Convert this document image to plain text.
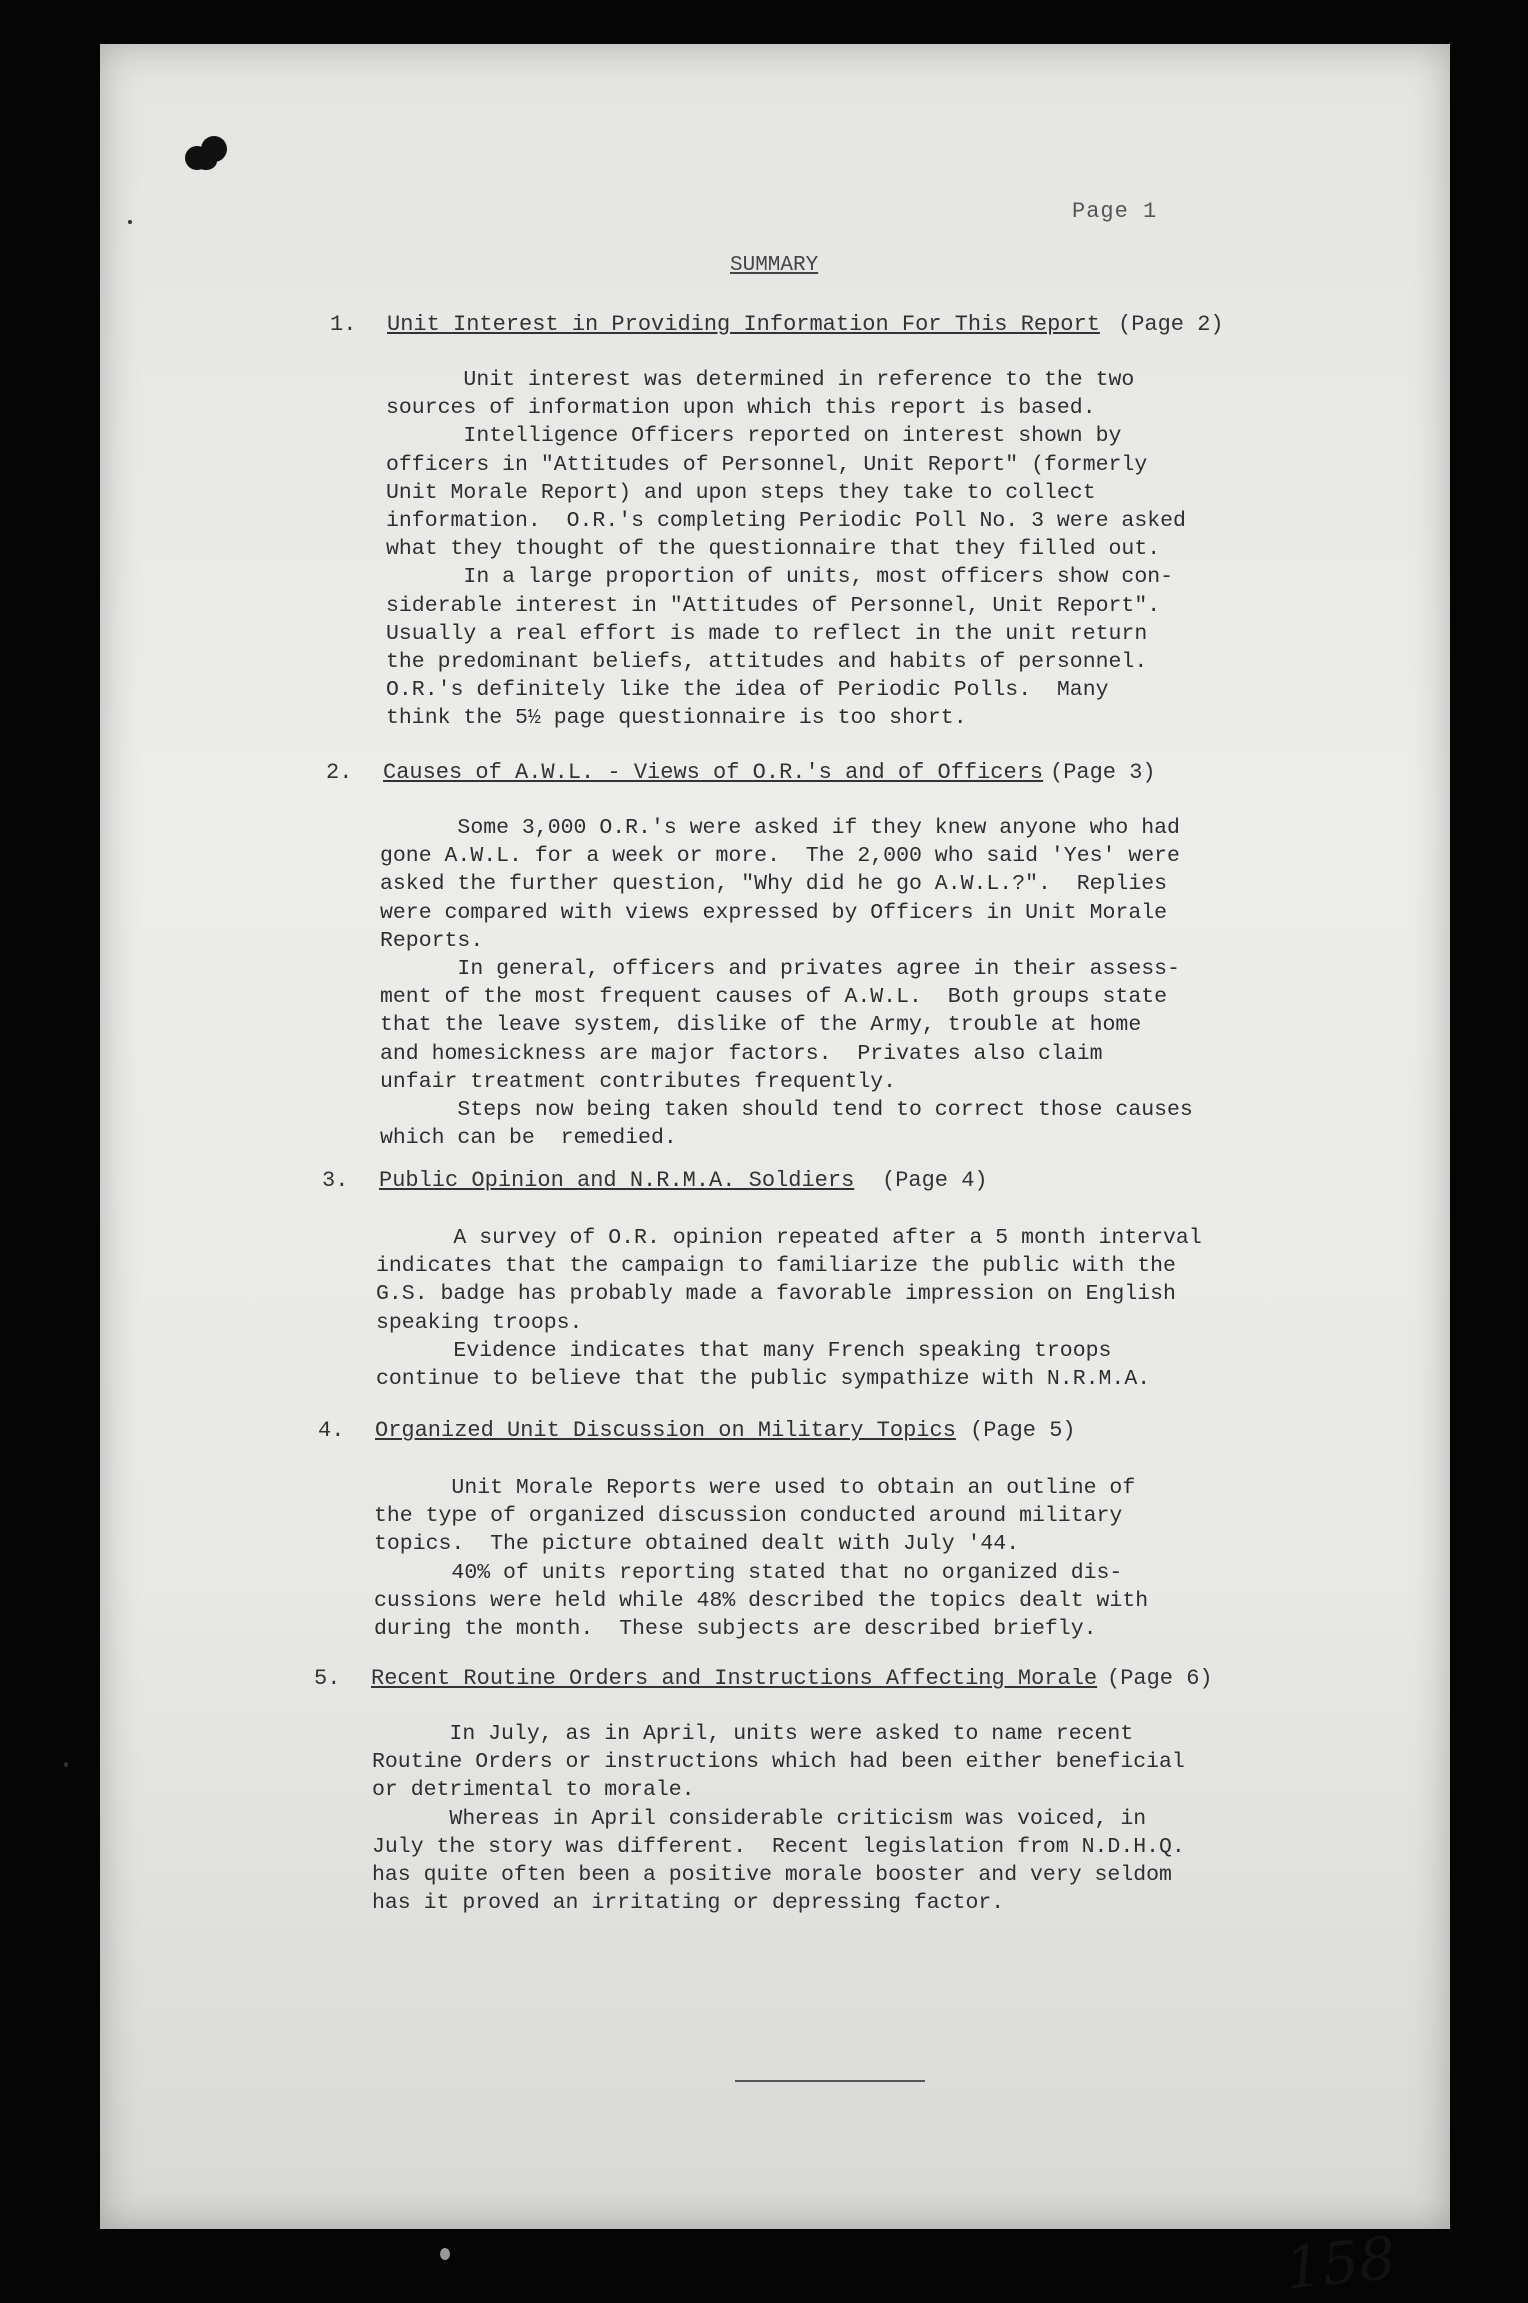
Page 1
SUMMARY
1. Unit Interest in Providing Information For This Report (Page 2)
Unit interest was determined in reference to the two
sources of information upon which this report is based.
Intelligence Officers reported on interest shown by
officers in "Attitudes of Personnel, Unit Report" (formerly
Unit Morale Report) and upon steps they take to collect
information.  O.R.'s completing Periodic Poll No. 3 were asked
what they thought of the questionnaire that they filled out.
In a large proportion of units, most officers show con-
siderable interest in "Attitudes of Personnel, Unit Report".
Usually a real effort is made to reflect in the unit return
the predominant beliefs, attitudes and habits of personnel.
O.R.'s definitely like the idea of Periodic Polls.  Many
think the 5½ page questionnaire is too short.
2. Causes of A.W.L. - Views of O.R.'s and of Officers (Page 3)
Some 3,000 O.R.'s were asked if they knew anyone who had
gone A.W.L. for a week or more.  The 2,000 who said 'Yes' were
asked the further question, "Why did he go A.W.L.?".  Replies
were compared with views expressed by Officers in Unit Morale
Reports.
In general, officers and privates agree in their assess-
ment of the most frequent causes of A.W.L.  Both groups state
that the leave system, dislike of the Army, trouble at home
and homesickness are major factors.  Privates also claim
unfair treatment contributes frequently.
Steps now being taken should tend to correct those causes
which can be  remedied.
3. Public Opinion and N.R.M.A. Soldiers (Page 4)
A survey of O.R. opinion repeated after a 5 month interval
indicates that the campaign to familiarize the public with the
G.S. badge has probably made a favorable impression on English
speaking troops.
Evidence indicates that many French speaking troops
continue to believe that the public sympathize with N.R.M.A.
4. Organized Unit Discussion on Military Topics (Page 5)
Unit Morale Reports were used to obtain an outline of
the type of organized discussion conducted around military
topics.  The picture obtained dealt with July '44.
40% of units reporting stated that no organized dis-
cussions were held while 48% described the topics dealt with
during the month.  These subjects are described briefly.
5. Recent Routine Orders and Instructions Affecting Morale (Page 6)
In July, as in April, units were asked to name recent
Routine Orders or instructions which had been either beneficial
or detrimental to morale.
Whereas in April considerable criticism was voiced, in
July the story was different.  Recent legislation from N.D.H.Q.
has quite often been a positive morale booster and very seldom
has it proved an irritating or depressing factor.
158
